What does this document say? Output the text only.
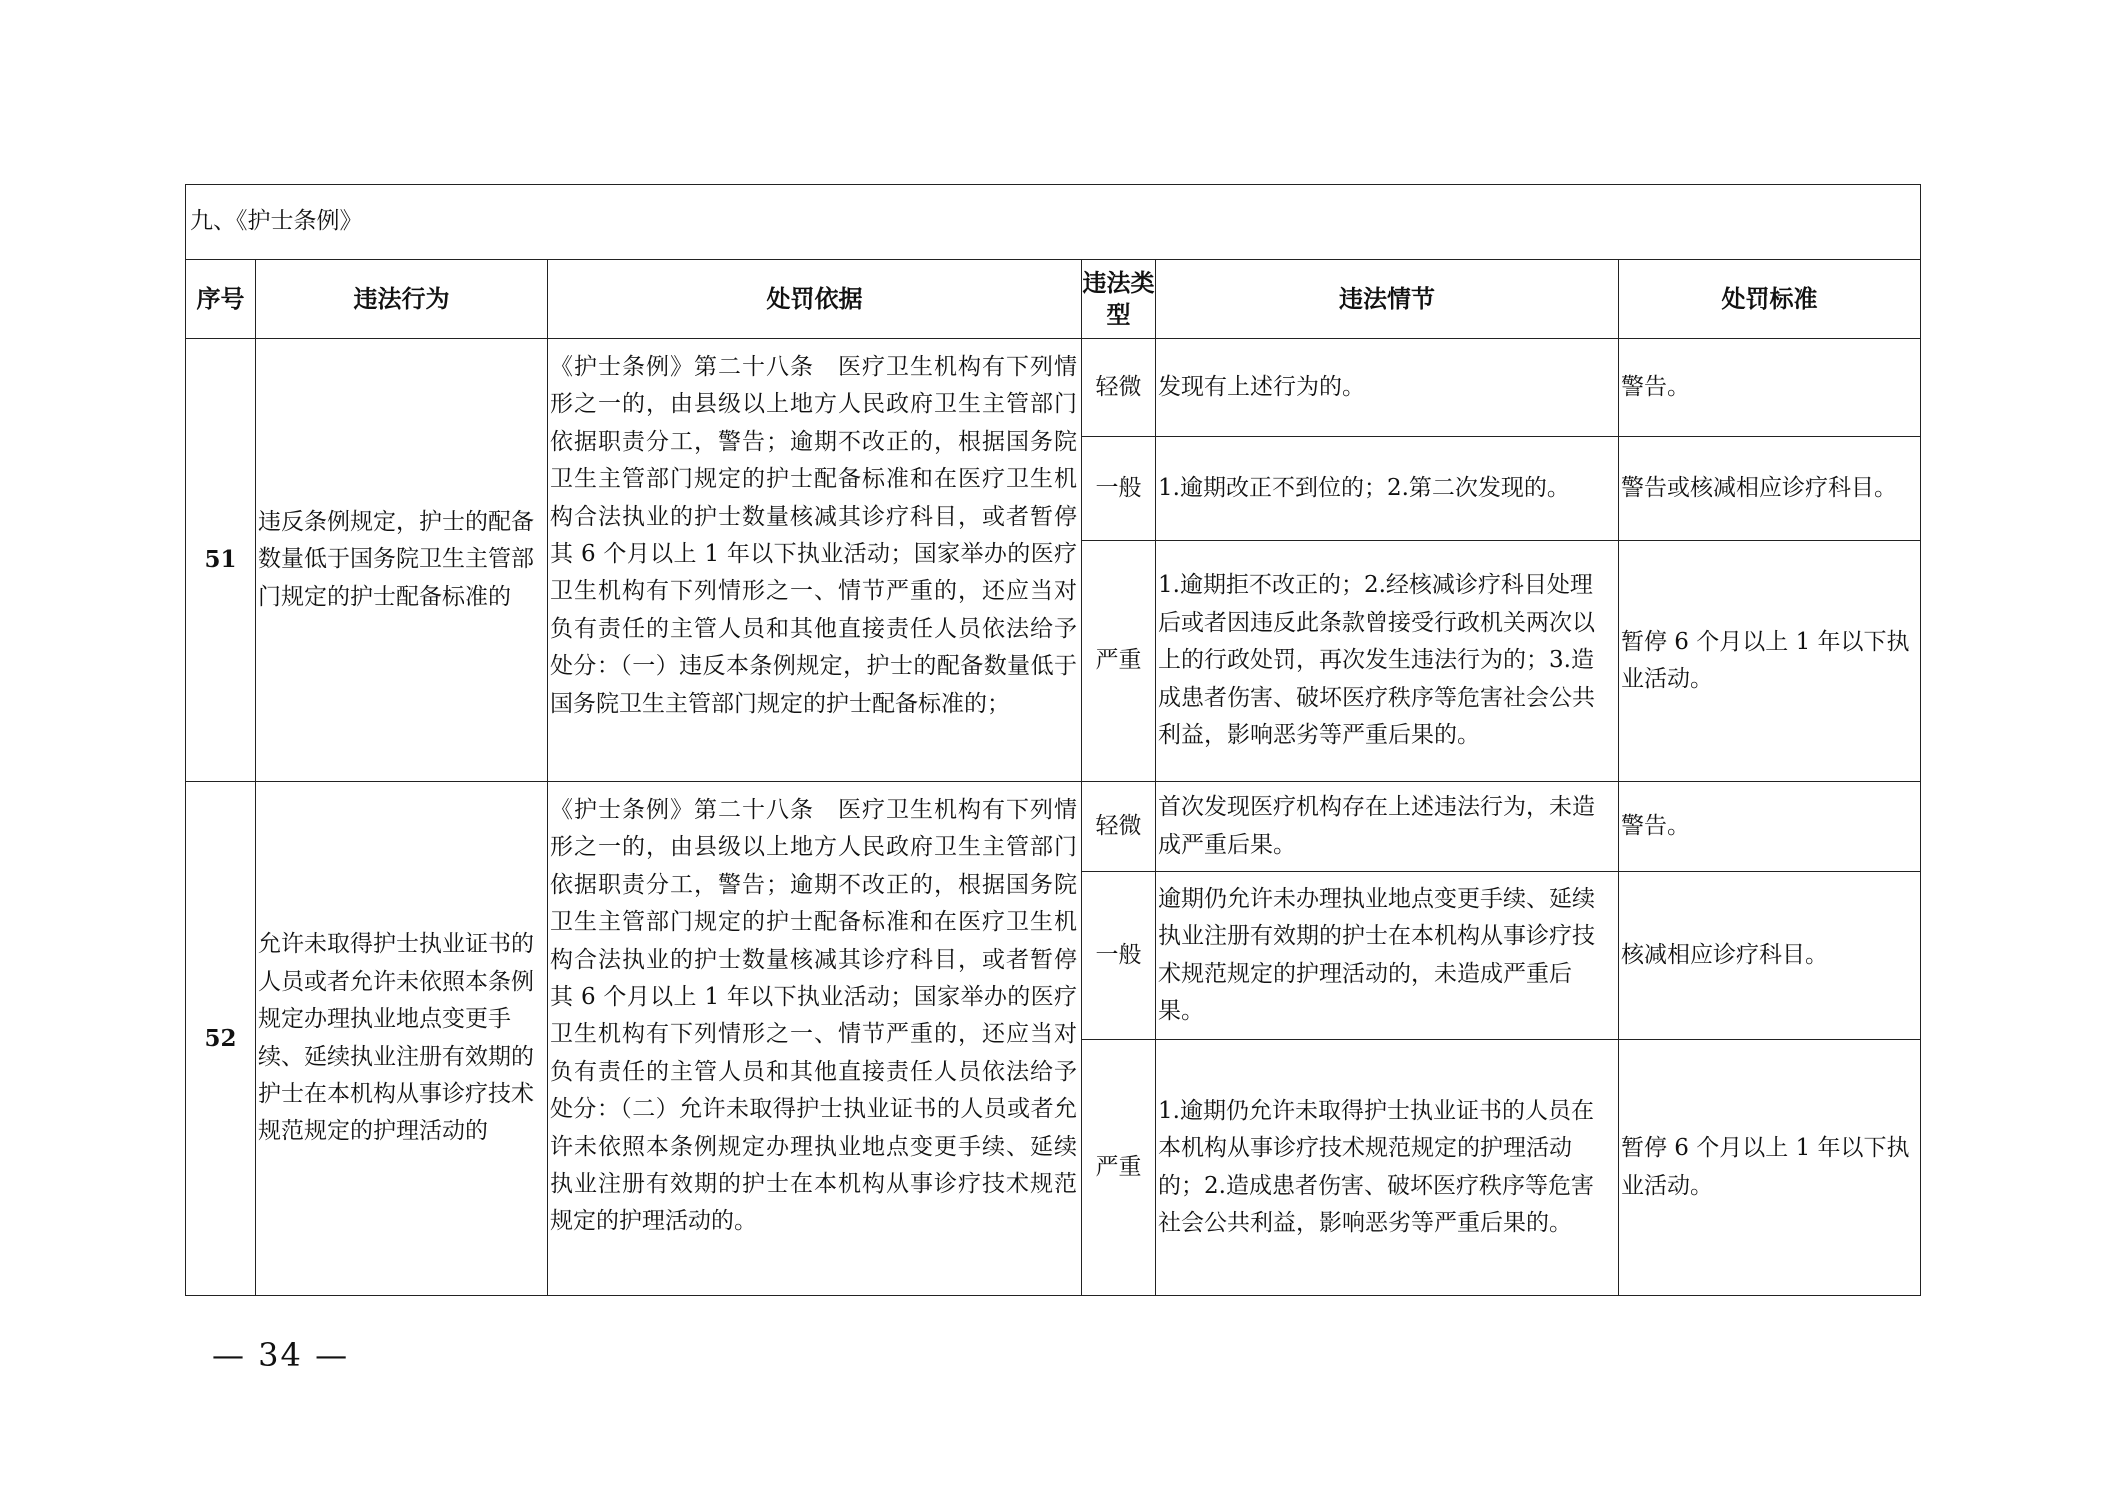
九、《护士条例》					
序号	违法行为	处罚依据	违法类型	违法情节	处罚标准
51	违反条例规定，护士的配备数量低于国务院卫生主管部门规定的护士配备标准的	《护士条例》第二十八条　医疗卫生机构有下列情形之一的，由县级以上地方人民政府卫生主管部门依据职责分工，警告；逾期不改正的，根据国务院卫生主管部门规定的护士配备标准和在医疗卫生机构合法执业的护士数量核减其诊疗科目，或者暂停其 6 个月以上 1 年以下执业活动；国家举办的医疗卫生机构有下列情形之一、情节严重的，还应当对负有责任的主管人员和其他直接责任人员依法给予处分：（一）违反本条例规定，护士的配备数量低于国务院卫生主管部门规定的护士配备标准的；	轻微	发现有上述行为的。	警告。
			一般	1.逾期改正不到位的；2.第二次发现的。	警告或核减相应诊疗科目。
			严重	1.逾期拒不改正的；2.经核减诊疗科目处理后或者因违反此条款曾接受行政机关两次以上的行政处罚，再次发生违法行为的；3.造成患者伤害、破坏医疗秩序等危害社会公共利益，影响恶劣等严重后果的。	暂停 6 个月以上 1 年以下执业活动。
52	允许未取得护士执业证书的人员或者允许未依照本条例规定办理执业地点变更手续、延续执业注册有效期的护士在本机构从事诊疗技术规范规定的护理活动的	《护士条例》第二十八条　医疗卫生机构有下列情形之一的，由县级以上地方人民政府卫生主管部门依据职责分工，警告；逾期不改正的，根据国务院卫生主管部门规定的护士配备标准和在医疗卫生机构合法执业的护士数量核减其诊疗科目，或者暂停其 6 个月以上 1 年以下执业活动；国家举办的医疗卫生机构有下列情形之一、情节严重的，还应当对负有责任的主管人员和其他直接责任人员依法给予处分：（二）允许未取得护士执业证书的人员或者允许未依照本条例规定办理执业地点变更手续、延续执业注册有效期的护士在本机构从事诊疗技术规范规定的护理活动的。	轻微	首次发现医疗机构存在上述违法行为，未造成严重后果。	警告。
			一般	逾期仍允许未办理执业地点变更手续、延续执业注册有效期的护士在本机构从事诊疗技术规范规定的护理活动的，未造成严重后果。	核减相应诊疗科目。
			严重	1.逾期仍允许未取得护士执业证书的人员在本机构从事诊疗技术规范规定的护理活动的；2.造成患者伤害、破坏医疗秩序等危害社会公共利益，影响恶劣等严重后果的。	暂停 6 个月以上 1 年以下执业活动。
— 34 —
